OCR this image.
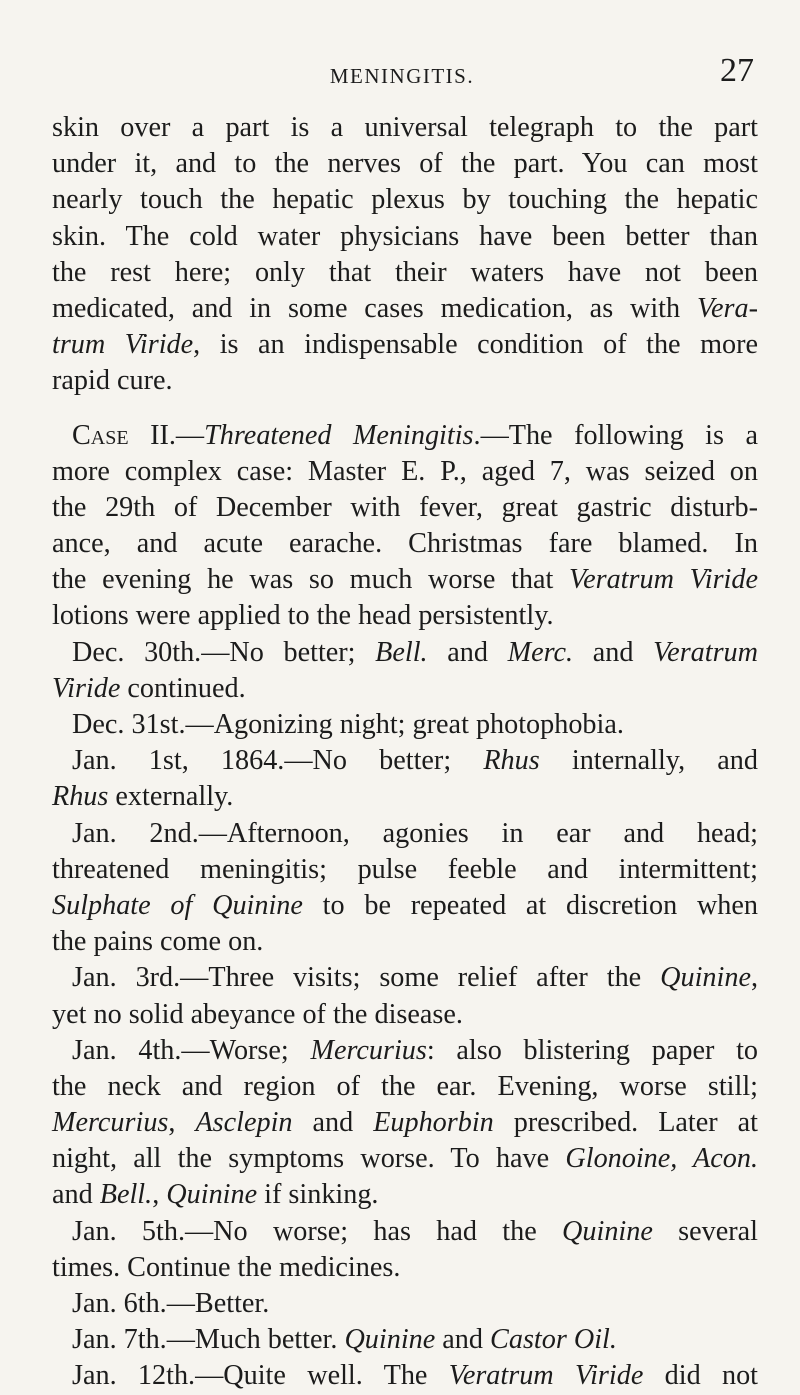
MENINGITIS.	27
skin over a part is a universal telegraph to the part
under it, and to the nerves of the part. You can most
nearly touch the hepatic plexus by touching the hepatic
skin. The cold water physicians have been better than
the rest here; only that their waters have not been
medicated, and in some cases medication, as with Vera-
trum Viride, is an indispensable condition of the more
rapid cure.
Case II.—Threatened Meningitis.—The following is a
more complex case: Master E. P., aged 7, was seized on
the 29th of December with fever, great gastric disturb-
ance, and acute earache. Christmas fare blamed. In
the evening he was so much worse that Veratrum Viride
lotions were applied to the head persistently.
Dec. 30th.—No better; Bell. and Merc. and Veratrum
Viride continued.
Dec. 31st.—Agonizing night; great photophobia.
Jan. 1st, 1864.—No better; Rhus internally, and
Rhus externally.
Jan. 2nd.—Afternoon, agonies in ear and head;
threatened meningitis; pulse feeble and intermittent;
Sulphate of Quinine to be repeated at discretion when
the pains come on.
Jan. 3rd.—Three visits; some relief after the Quinine,
yet no solid abeyance of the disease.
Jan. 4th.—Worse; Mercurius: also blistering paper to
the neck and region of the ear. Evening, worse still;
Mercurius, Asclepin and Euphorbin prescribed. Later at
night, all the symptoms worse. To have Glonoine, Acon.
and Bell., Quinine if sinking.
Jan. 5th.—No worse; has had the Quinine several
times. Continue the medicines.
Jan. 6th.—Better.
Jan. 7th.—Much better. Quinine and Castor Oil.
Jan. 12th.—Quite well. The Veratrum Viride did not
